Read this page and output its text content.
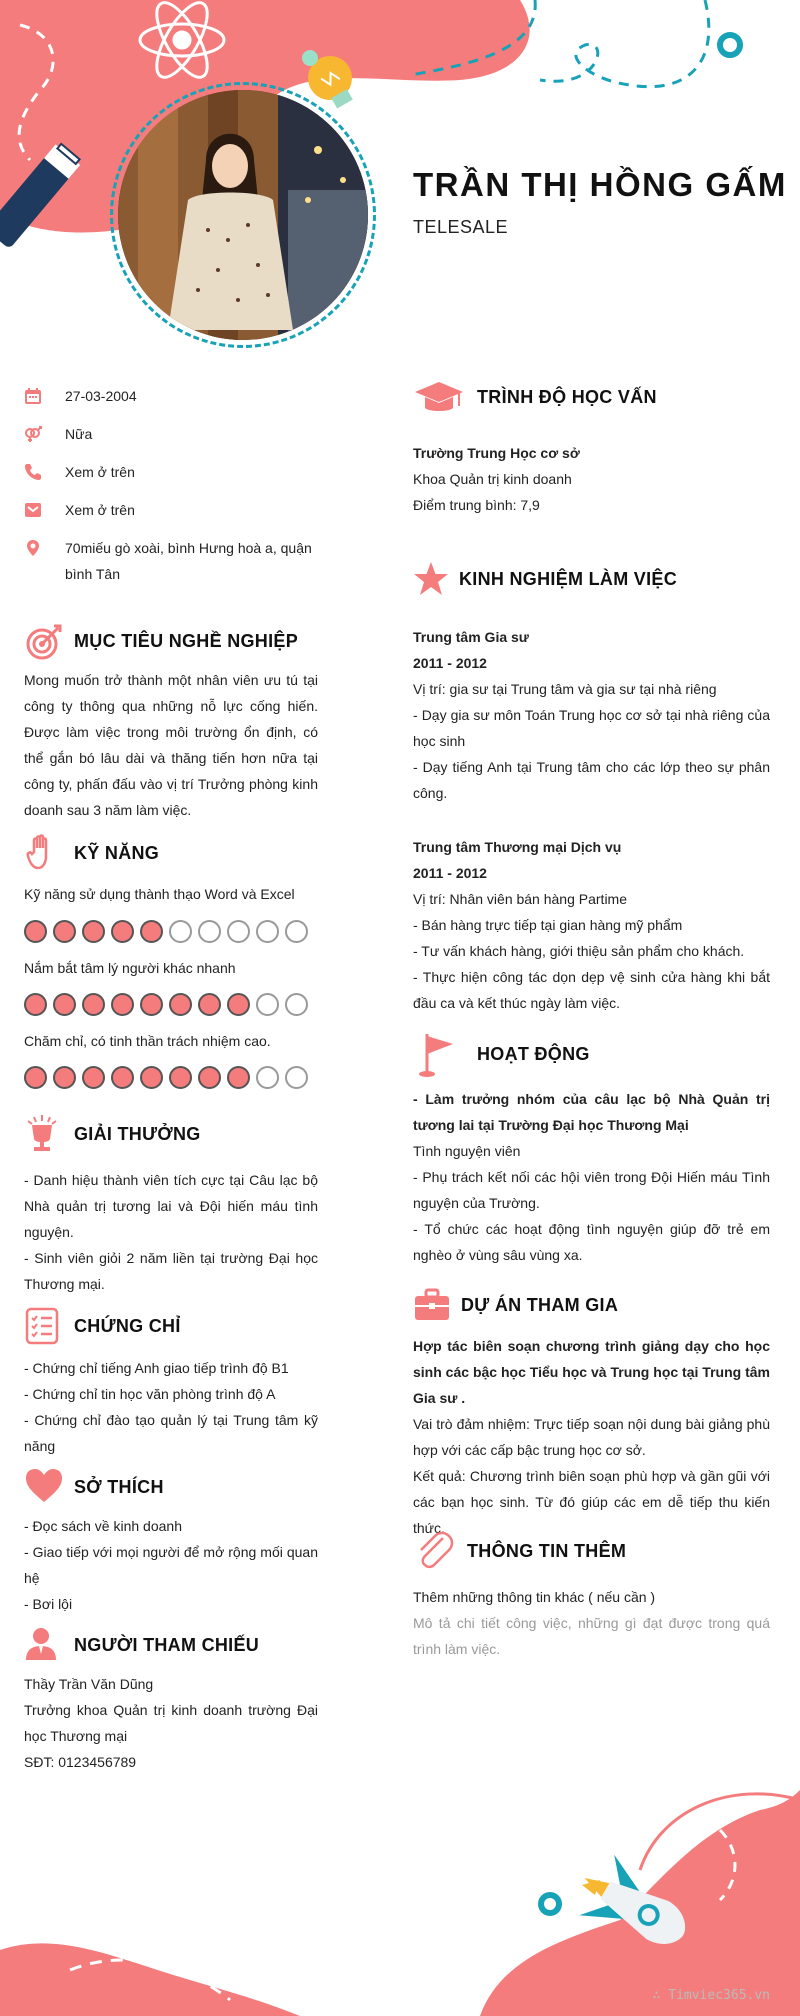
TRẦN THỊ HỒNG GẤM
TELESALE
27-03-2004
Nữa
Xem ở trên
Xem ở trên
70miếu gò xoài, bình Hưng hoà a, quận bình Tân
MỤC TIÊU NGHỀ NGHIỆP
Mong muốn trở thành một nhân viên ưu tú tại công ty thông qua những nỗ lực cống hiến. Được làm việc trong môi trường ổn định, có thể gắn bó lâu dài và thăng tiến hơn nữa tại công ty, phấn đấu vào vị trí Trưởng phòng kinh doanh sau 3 năm làm việc.
KỸ NĂNG
Kỹ năng sử dụng thành thạo Word và Excel
Nắm bắt tâm lý người khác nhanh
Chăm chỉ, có tinh thần trách nhiệm cao.
GIẢI THƯỞNG

- Danh hiệu thành viên tích cực tại Câu lạc bộ Nhà quản trị tương lai và Đội hiến máu tình nguyện.

- Sinh viên giỏi 2 năm liền tại trường Đại học Thương mại.

CHỨNG CHỈ

- Chứng chỉ tiếng Anh giao tiếp trình độ B1

- Chứng chỉ tin học văn phòng trình độ A

- Chứng chỉ đào tạo quản lý tại Trung tâm kỹ năng

SỞ THÍCH

- Đọc sách về kinh doanh

- Giao tiếp với mọi người để mở rộng mối quan hệ

- Bơi lội

NGƯỜI THAM CHIẾU

Thầy Trần Văn Dũng

Trưởng khoa Quản trị kinh doanh trường Đại học Thương mại

SĐT: 0123456789

TRÌNH ĐỘ HỌC VẤN

Trường Trung Học cơ sở

Khoa Quản trị kinh doanh

Điểm trung bình: 7,9

KINH NGHIỆM LÀM VIỆC

Trung tâm Gia sư

2011 - 2012

Vị trí: gia sư tại Trung tâm và gia sư tại nhà riêng

- Dạy gia sư môn Toán Trung học cơ sở tại nhà riêng của học sinh

- Dạy tiếng Anh tại Trung tâm cho các lớp theo sự phân công.

Trung tâm Thương mại Dịch vụ

2011 - 2012

Vị trí: Nhân viên bán hàng Partime

- Bán hàng trực tiếp tại gian hàng mỹ phẩm

- Tư vấn khách hàng, giới thiệu sản phẩm cho khách.

- Thực hiện công tác dọn dẹp vệ sinh cửa hàng khi bắt đầu ca và kết thúc ngày làm việc.

HOẠT ĐỘNG

- Làm trưởng nhóm của câu lạc bộ Nhà Quản trị tương lai tại Trường Đại học Thương Mại

Tình nguyện viên

- Phụ trách kết nối các hội viên trong Đội Hiến máu Tình nguyện của Trường.

- Tổ chức các hoạt động tình nguyện giúp đỡ trẻ em nghèo ở vùng sâu vùng xa.

DỰ ÁN THAM GIA

Hợp tác biên soạn chương trình giảng dạy cho học sinh các bậc học Tiểu học và Trung học tại Trung tâm Gia sư .

Vai trò đảm nhiệm: Trực tiếp soạn nội dung bài giảng phù hợp với các cấp bậc trung học cơ sở.

Kết quả: Chương trình biên soạn phù hợp và gần gũi với các bạn học sinh. Từ đó giúp các em dễ tiếp thu kiến thức.

THÔNG TIN THÊM

Thêm những thông tin khác ( nếu cần )

Mô tả chi tiết công việc, những gì đạt được trong quá trình làm việc.

∴ Timviec365.vn
